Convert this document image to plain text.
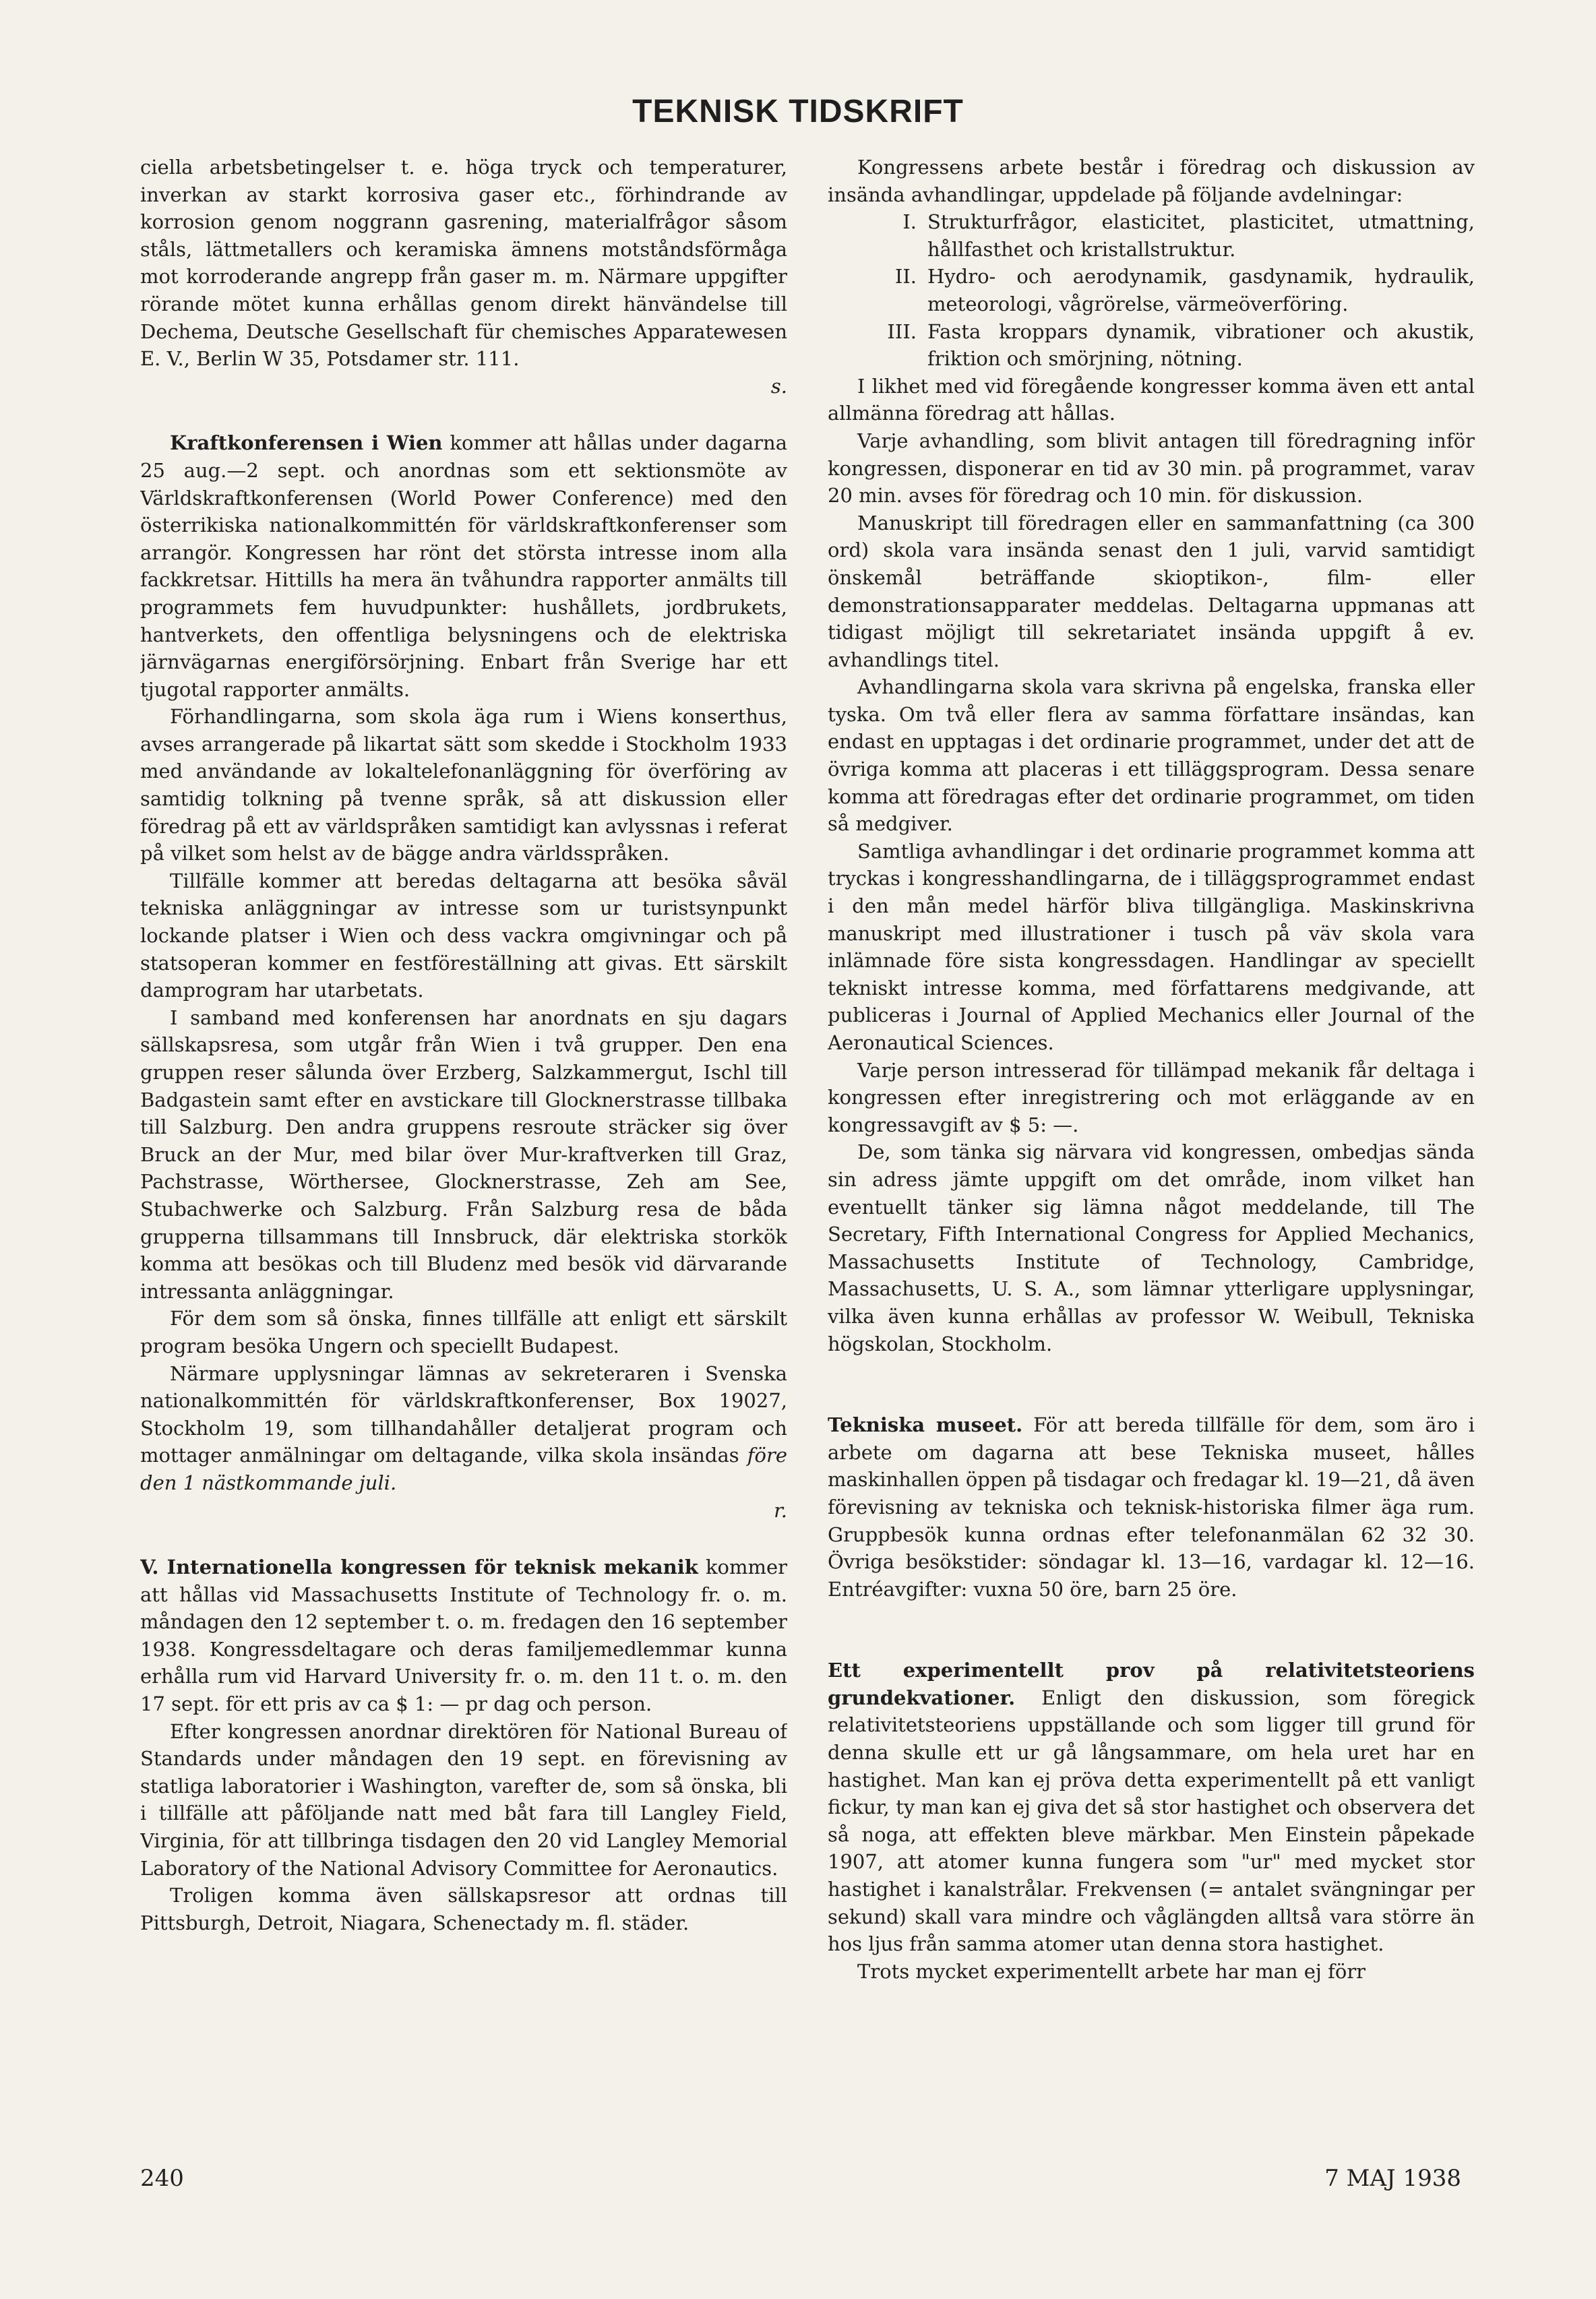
TEKNISK TIDSKRIFT

ciella arbetsbetingelser t. e. höga tryck och temperaturer, inverkan av starkt korrosiva gaser etc., förhindrande av korrosion genom noggrann gasrening, materialfrågor såsom ståls, lättmetallers och keramiska ämnens motståndsförmåga mot korroderande angrepp från gaser m. m. Närmare uppgifter rörande mötet kunna erhållas genom direkt hänvändelse till Dechema, Deutsche Gesellschaft für chemisches Apparatewesen E. V., Berlin W 35, Potsdamer str. 111.

s.

Kraftkonferensen i Wien kommer att hållas under dagarna 25 aug.—2 sept. och anordnas som ett sektionsmöte av Världskraftkonferensen (World Power Conference) med den österrikiska nationalkommittén för världskraftkonferenser som arrangör. Kongressen har rönt det största intresse inom alla fackkretsar. Hittills ha mera än tvåhundra rapporter anmälts till programmets fem huvudpunkter: hushållets, jordbrukets, hantverkets, den offentliga belysningens och de elektriska järnvägarnas energiförsörjning. Enbart från Sverige har ett tjugotal rapporter anmälts.

Förhandlingarna, som skola äga rum i Wiens konserthus, avses arrangerade på likartat sätt som skedde i Stockholm 1933 med användande av lokaltelefonanläggning för överföring av samtidig tolkning på tvenne språk, så att diskussion eller föredrag på ett av världspråken samtidigt kan avlyssnas i referat på vilket som helst av de bägge andra världsspråken.

Tillfälle kommer att beredas deltagarna att besöka såväl tekniska anläggningar av intresse som ur turistsynpunkt lockande platser i Wien och dess vackra omgivningar och på statsoperan kommer en festföreställning att givas. Ett särskilt damprogram har utarbetats.

I samband med konferensen har anordnats en sju dagars sällskapsresa, som utgår från Wien i två grupper. Den ena gruppen reser sålunda över Erzberg, Salzkammergut, Ischl till Badgastein samt efter en avstickare till Glocknerstrasse tillbaka till Salzburg. Den andra gruppens resroute sträcker sig över Bruck an der Mur, med bilar över Mur-kraftverken till Graz, Pachstrasse, Wörthersee, Glocknerstrasse, Zeh am See, Stubachwerke och Salzburg. Från Salzburg resa de båda grupperna tillsammans till Innsbruck, där elektriska storkök komma att besökas och till Bludenz med besök vid därvarande intressanta anläggningar.

För dem som så önska, finnes tillfälle att enligt ett särskilt program besöka Ungern och speciellt Budapest.

Närmare upplysningar lämnas av sekreteraren i Svenska nationalkommittén för världskraftkonferenser, Box 19027, Stockholm 19, som tillhandahåller detaljerat program och mottager anmälningar om deltagande, vilka skola insändas före den 1 nästkommande juli.

r.

V. Internationella kongressen för teknisk mekanik kommer att hållas vid Massachusetts Institute of Technology fr. o. m. måndagen den 12 september t. o. m. fredagen den 16 september 1938. Kongressdeltagare och deras familjemedlemmar kunna erhålla rum vid Harvard University fr. o. m. den 11 t. o. m. den 17 sept. för ett pris av ca $ 1: — pr dag och person.

Efter kongressen anordnar direktören för National Bureau of Standards under måndagen den 19 sept. en förevisning av statliga laboratorier i Washington, varefter de, som så önska, bli i tillfälle att påföljande natt med båt fara till Langley Field, Virginia, för att tillbringa tisdagen den 20 vid Langley Memorial Laboratory of the National Advisory Committee for Aeronautics.

Troligen komma även sällskapsresor att ordnas till Pittsburgh, Detroit, Niagara, Schenectady m. fl. städer.

Kongressens arbete består i föredrag och diskussion av insända avhandlingar, uppdelade på följande avdelningar:

I. Strukturfrågor, elasticitet, plasticitet, utmattning, hållfasthet och kristallstruktur.
II. Hydro- och aerodynamik, gasdynamik, hydraulik, meteorologi, vågrörelse, värmeöverföring.
III. Fasta kroppars dynamik, vibrationer och akustik, friktion och smörjning, nötning.

I likhet med vid föregående kongresser komma även ett antal allmänna föredrag att hållas.

Varje avhandling, som blivit antagen till föredragning inför kongressen, disponerar en tid av 30 min. på programmet, varav 20 min. avses för föredrag och 10 min. för diskussion.

Manuskript till föredragen eller en sammanfattning (ca 300 ord) skola vara insända senast den 1 juli, varvid samtidigt önskemål beträffande skioptikon-, film- eller demonstrationsapparater meddelas. Deltagarna uppmanas att tidigast möjligt till sekretariatet insända uppgift å ev. avhandlings titel.

Avhandlingarna skola vara skrivna på engelska, franska eller tyska. Om två eller flera av samma författare insändas, kan endast en upptagas i det ordinarie programmet, under det att de övriga komma att placeras i ett tilläggsprogram. Dessa senare komma att föredragas efter det ordinarie programmet, om tiden så medgiver.

Samtliga avhandlingar i det ordinarie programmet komma att tryckas i kongresshandlingarna, de i tilläggsprogrammet endast i den mån medel härför bliva tillgängliga. Maskinskrivna manuskript med illustrationer i tusch på väv skola vara inlämnade före sista kongressdagen. Handlingar av speciellt tekniskt intresse komma, med författarens medgivande, att publiceras i Journal of Applied Mechanics eller Journal of the Aeronautical Sciences.

Varje person intresserad för tillämpad mekanik får deltaga i kongressen efter inregistrering och mot erläggande av en kongressavgift av $ 5: —.

De, som tänka sig närvara vid kongressen, ombedjas sända sin adress jämte uppgift om det område, inom vilket han eventuellt tänker sig lämna något meddelande, till The Secretary, Fifth International Congress for Applied Mechanics, Massachusetts Institute of Technology, Cambridge, Massachusetts, U. S. A., som lämnar ytterligare upplysningar, vilka även kunna erhållas av professor W. Weibull, Tekniska högskolan, Stockholm.

Tekniska museet. För att bereda tillfälle för dem, som äro i arbete om dagarna att bese Tekniska museet, hålles maskinhallen öppen på tisdagar och fredagar kl. 19—21, då även förevisning av tekniska och teknisk-historiska filmer äga rum. Gruppbesök kunna ordnas efter telefonanmälan 62 32 30. Övriga besökstider: söndagar kl. 13—16, vardagar kl. 12—16. Entréavgifter: vuxna 50 öre, barn 25 öre.

Ett experimentellt prov på relativitetsteoriens grundekvationer. Enligt den diskussion, som föregick relativitetsteoriens uppställande och som ligger till grund för denna skulle ett ur gå långsammare, om hela uret har en hastighet. Man kan ej pröva detta experimentellt på ett vanligt fickur, ty man kan ej giva det så stor hastighet och observera det så noga, att effekten bleve märkbar. Men Einstein påpekade 1907, att atomer kunna fungera som "ur" med mycket stor hastighet i kanalstrålar. Frekvensen (= antalet svängningar per sekund) skall vara mindre och våglängden alltså vara större än hos ljus från samma atomer utan denna stora hastighet.

Trots mycket experimentellt arbete har man ej förr

240	7 MAJ 1938
